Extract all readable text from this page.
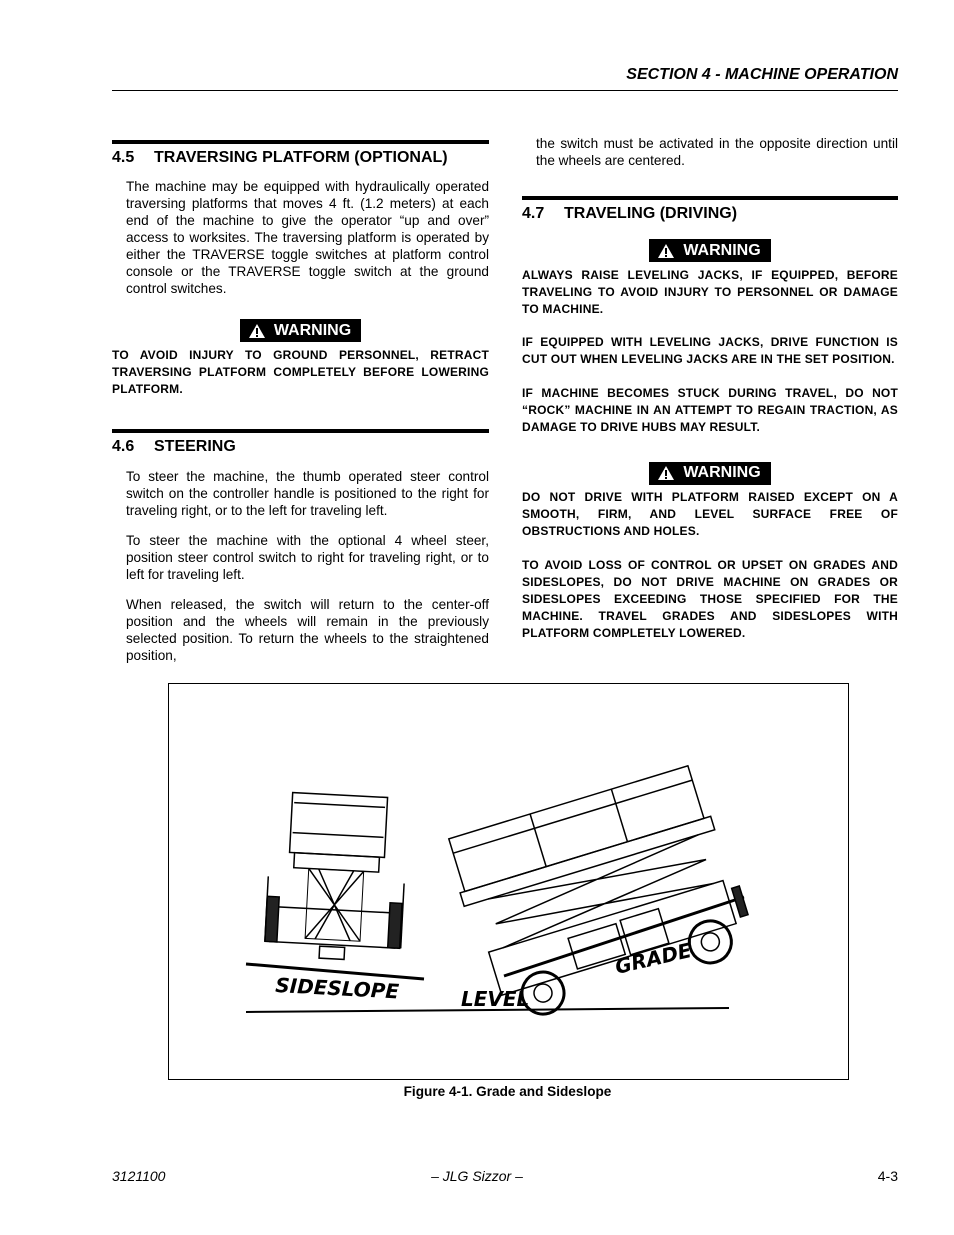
SECTION 4 - MACHINE OPERATION
4.5	TRAVERSING PLATFORM (OPTIONAL)

The machine may be equipped with hydraulically operated traversing platforms that moves 4 ft. (1.2 meters) at each end of the machine to give the operator “up and over” access to worksites. The traversing platform is operated by either the TRAVERSE toggle switches at platform control console or the TRAVERSE toggle switch at the ground control switches.

WARNING

TO AVOID INJURY TO GROUND PERSONNEL, RETRACT TRAVERSING PLATFORM COMPLETELY BEFORE LOWERING PLATFORM.

4.6	STEERING

To steer the machine, the thumb operated steer control switch on the controller handle is positioned to the right for traveling right, or to the left for traveling left.

To steer the machine with the optional 4 wheel steer, position steer control switch to right for traveling right, or to left for traveling left.

When released, the switch will return to the center-off position and the wheels will remain in the previously selected position. To return the wheels to the straightened position,

the switch must be activated in the opposite direction until the wheels are centered.

4.7	TRAVELING (DRIVING)
WARNING

ALWAYS RAISE LEVELING JACKS, IF EQUIPPED, BEFORE TRAVELING TO AVOID INJURY TO PERSONNEL OR DAMAGE TO MACHINE.

IF EQUIPPED WITH LEVELING JACKS, DRIVE FUNCTION IS CUT OUT WHEN LEVELING JACKS ARE IN THE SET POSITION.

IF MACHINE BECOMES STUCK DURING TRAVEL, DO NOT “ROCK” MACHINE IN AN ATTEMPT TO REGAIN TRACTION, AS DAMAGE TO DRIVE HUBS MAY RESULT.

WARNING

DO NOT DRIVE WITH PLATFORM RAISED EXCEPT ON A SMOOTH, FIRM, AND LEVEL SURFACE FREE OF OBSTRUCTIONS AND HOLES.

TO AVOID LOSS OF CONTROL OR UPSET ON GRADES AND SIDESLOPES, DO NOT DRIVE MACHINE ON GRADES OR SIDESLOPES EXCEEDING THOSE SPECIFIED FOR THE MACHINE. TRAVEL GRADES AND SIDESLOPES WITH PLATFORM COMPLETELY LOWERED.

SIDESLOPE	LEVEL
GRADE
Figure 4-1. Grade and Sideslope
3121100	– JLG Sizzor –	4-3
